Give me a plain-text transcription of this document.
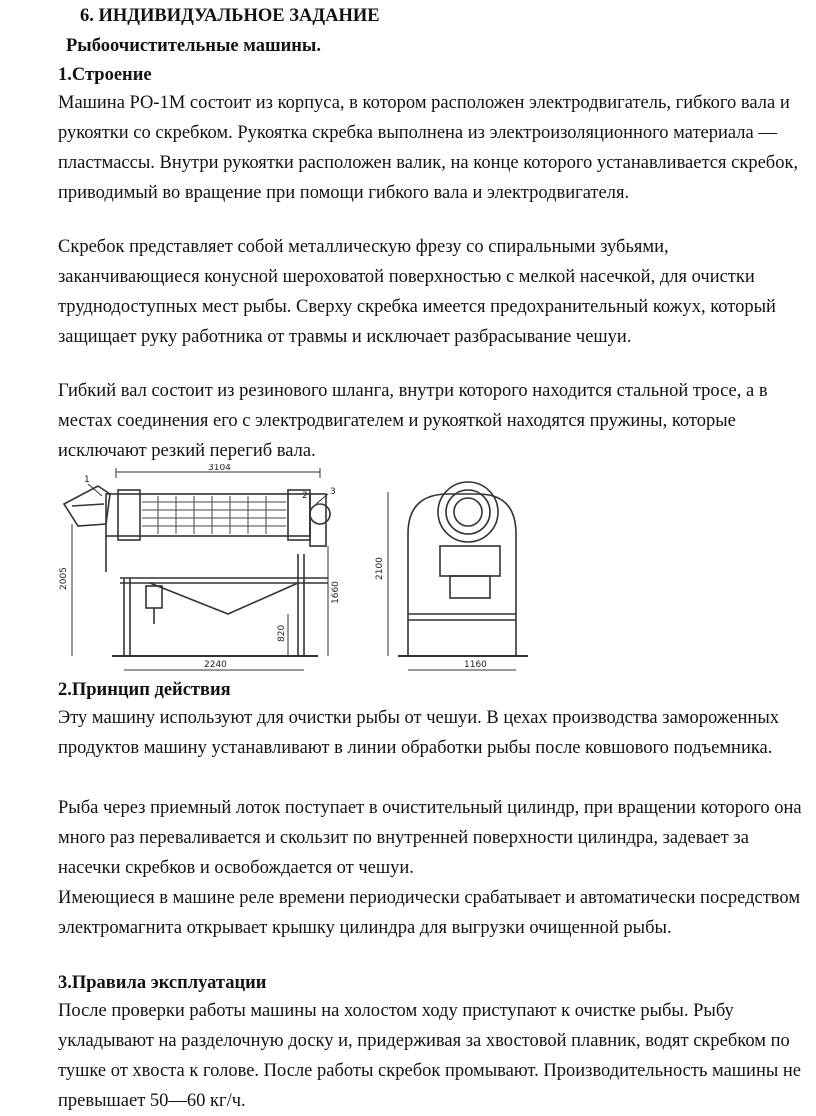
6. ИНДИВИДУАЛЬНОЕ ЗАДАНИЕ
Рыбоочистительные машины.
1.Строение

Машина РО-1М состоит из корпуса, в котором расположен электродвигатель, гибкого вала и рукоятки со скребком. Рукоятка скребка выполнена из электроизоляционного материала — пластмассы. Внутри рукоятки расположен валик, на конце которого устанавливается скребок, приводимый во вращение при помощи гибкого вала и электродвигателя.

Скребок представляет собой металлическую фрезу со спиральными зубьями, заканчивающиеся конусной шероховатой поверхностью с мелкой насечкой, для очистки труднодоступных мест рыбы. Сверху скребка имеется предохранительный кожух, который защищает руку работника от травмы и исключает разбрасывание чешуи.

Гибкий вал состоит из резинового шланга, внутри которого находится стальной тросе, а в местах соединения его с электродвигателем и рукояткой находятся пружины, которые исключают резкий перегиб вала.

3104
2240
2005
1660
820
2100
1160
1
2 3
2.Принцип действия

Эту машину используют для очистки рыбы от чешуи. В цехах производства замороженных продуктов машину устанавливают в линии обработки рыбы после ковшового подъемника.

Рыба через приемный лоток поступает в очистительный цилиндр, при вращении которого она много раз переваливается и скользит по внутренней поверхности цилиндра, задевает за насечки скребков и освобождается от чешуи.

Имеющиеся в машине реле времени периодически срабатывает и автоматически посредством электромагнита открывает крышку цилиндра для выгрузки очищенной рыбы.

3.Правила эксплуатации

После проверки работы машины на холостом ходу приступают к очистке рыбы. Рыбу укладывают на разделочную доску и, придерживая за хвостовой плавник, водят скребком по тушке от хвоста к голове. После работы скребок промывают. Производительность машины не превышает 50—60 кг/ч.
